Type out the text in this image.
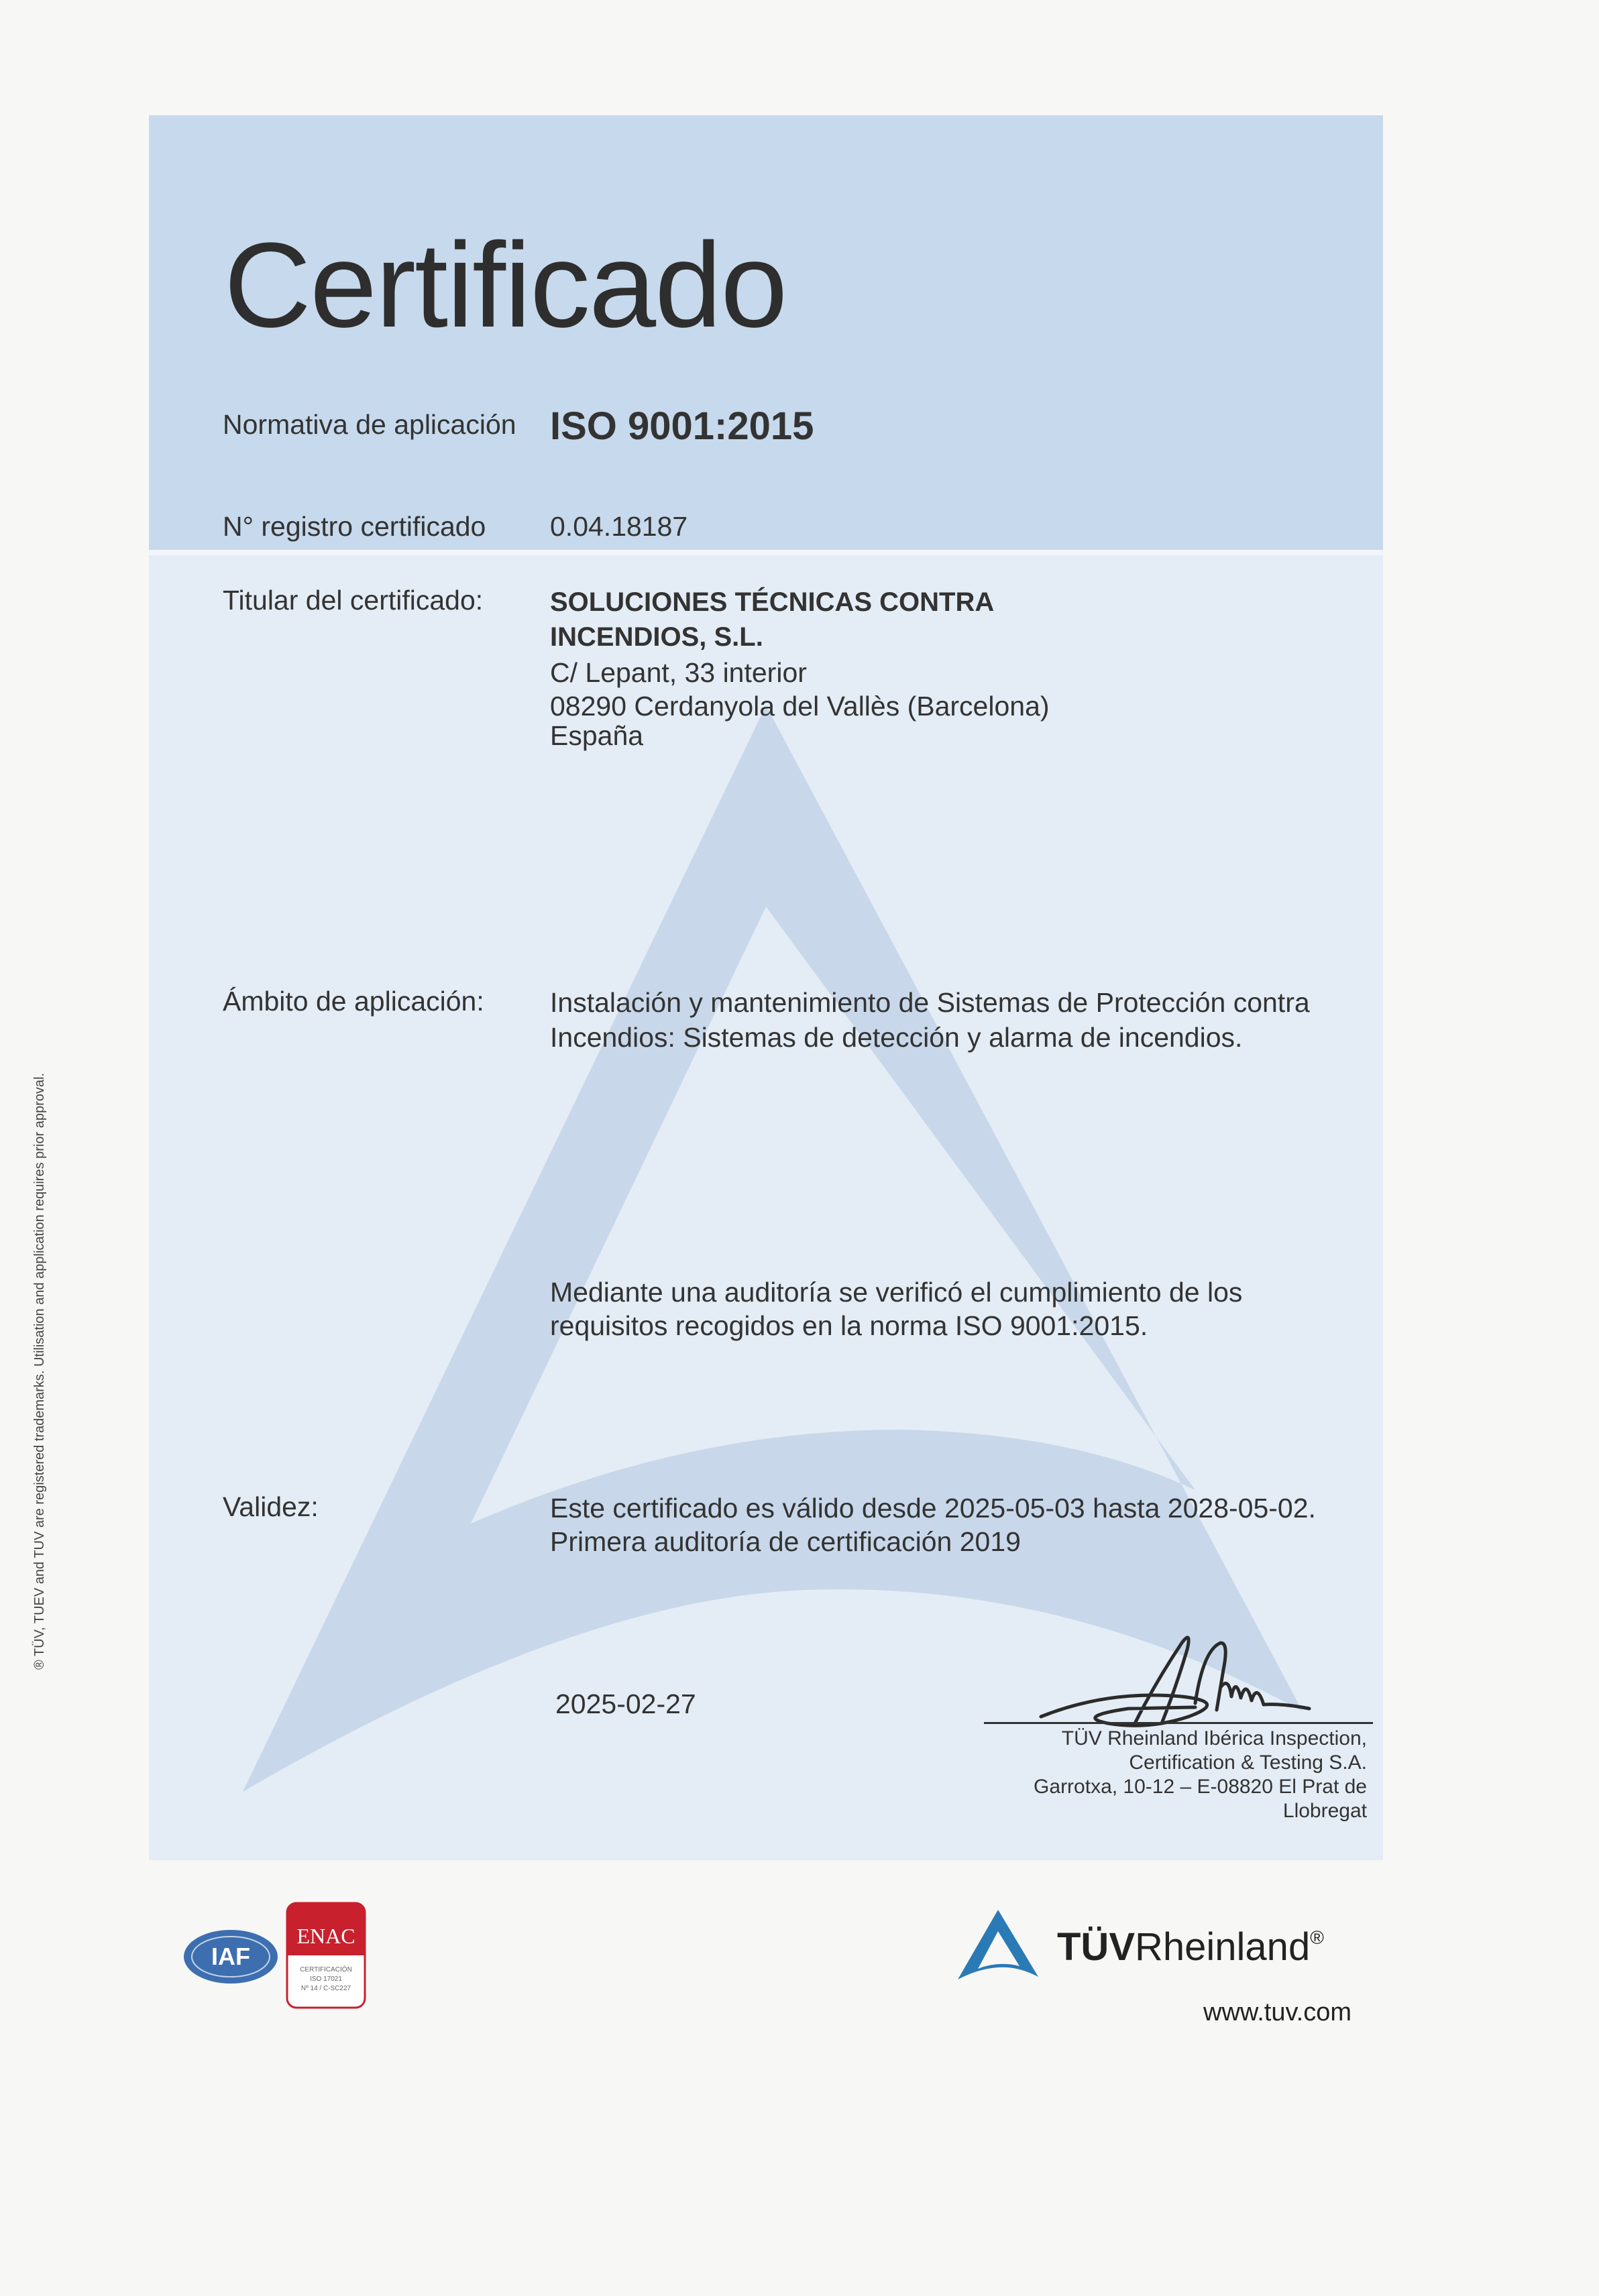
® TÜV, TUEV and TUV are registered trademarks. Utilisation and application requires prior approval.
Certificado
Normativa de aplicación ISO 9001:2015
N° registro certificado 0.04.18187
Titular del certificado: SOLUCIONES TÉCNICAS CONTRA
INCENDIOS, S.L.
C/ Lepant, 33 interior
08290 Cerdanyola del Vallès (Barcelona)
España
Ámbito de aplicación: Instalación y mantenimiento de Sistemas de Protección contra
Incendios: Sistemas de detección y alarma de incendios.
Mediante una auditoría se verificó el cumplimiento de los
requisitos recogidos en la norma ISO 9001:2015.
Validez:	Este certificado es válido desde 2025-05-03 hasta 2028-05-02.
Primera auditoría de certificación 2019
2025-02-27
TÜV Rheinland Ibérica Inspection,
Certification & Testing S.A.
Garrotxa, 10-12 – E-08820 El Prat de
Llobregat
IAF
ENAC
CERTIFICACIÓN
ISO 17021
Nº 14 / C-SC227
TÜVRheinland®
www.tuv.com
